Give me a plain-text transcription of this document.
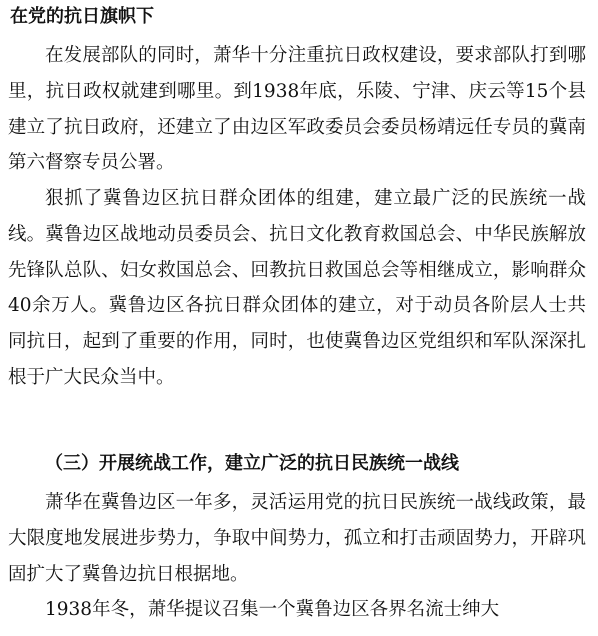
在党的抗日旗帜下

在发展部队的同时，萧华十分注重抗日政权建设，要求部队打到哪里，抗日政权就建到哪里。到1938年底，乐陵、宁津、庆云等15个县建立了抗日政府，还建立了由边区军政委员会委员杨靖远任专员的冀南第六督察专员公署。

狠抓了冀鲁边区抗日群众团体的组建，建立最广泛的民族统一战线。冀鲁边区战地动员委员会、抗日文化教育救国总会、中华民族解放先锋队总队、妇女救国总会、回教抗日救国总会等相继成立，影响群众40余万人。冀鲁边区各抗日群众团体的建立，对于动员各阶层人士共同抗日，起到了重要的作用，同时，也使冀鲁边区党组织和军队深深扎根于广大民众当中。

（三）开展统战工作，建立广泛的抗日民族统一战线

萧华在冀鲁边区一年多，灵活运用党的抗日民族统一战线政策，最大限度地发展进步势力，争取中间势力，孤立和打击顽固势力，开辟巩固扩大了冀鲁边抗日根据地。

1938年冬，萧华提议召集一个冀鲁边区各界名流士绅大
